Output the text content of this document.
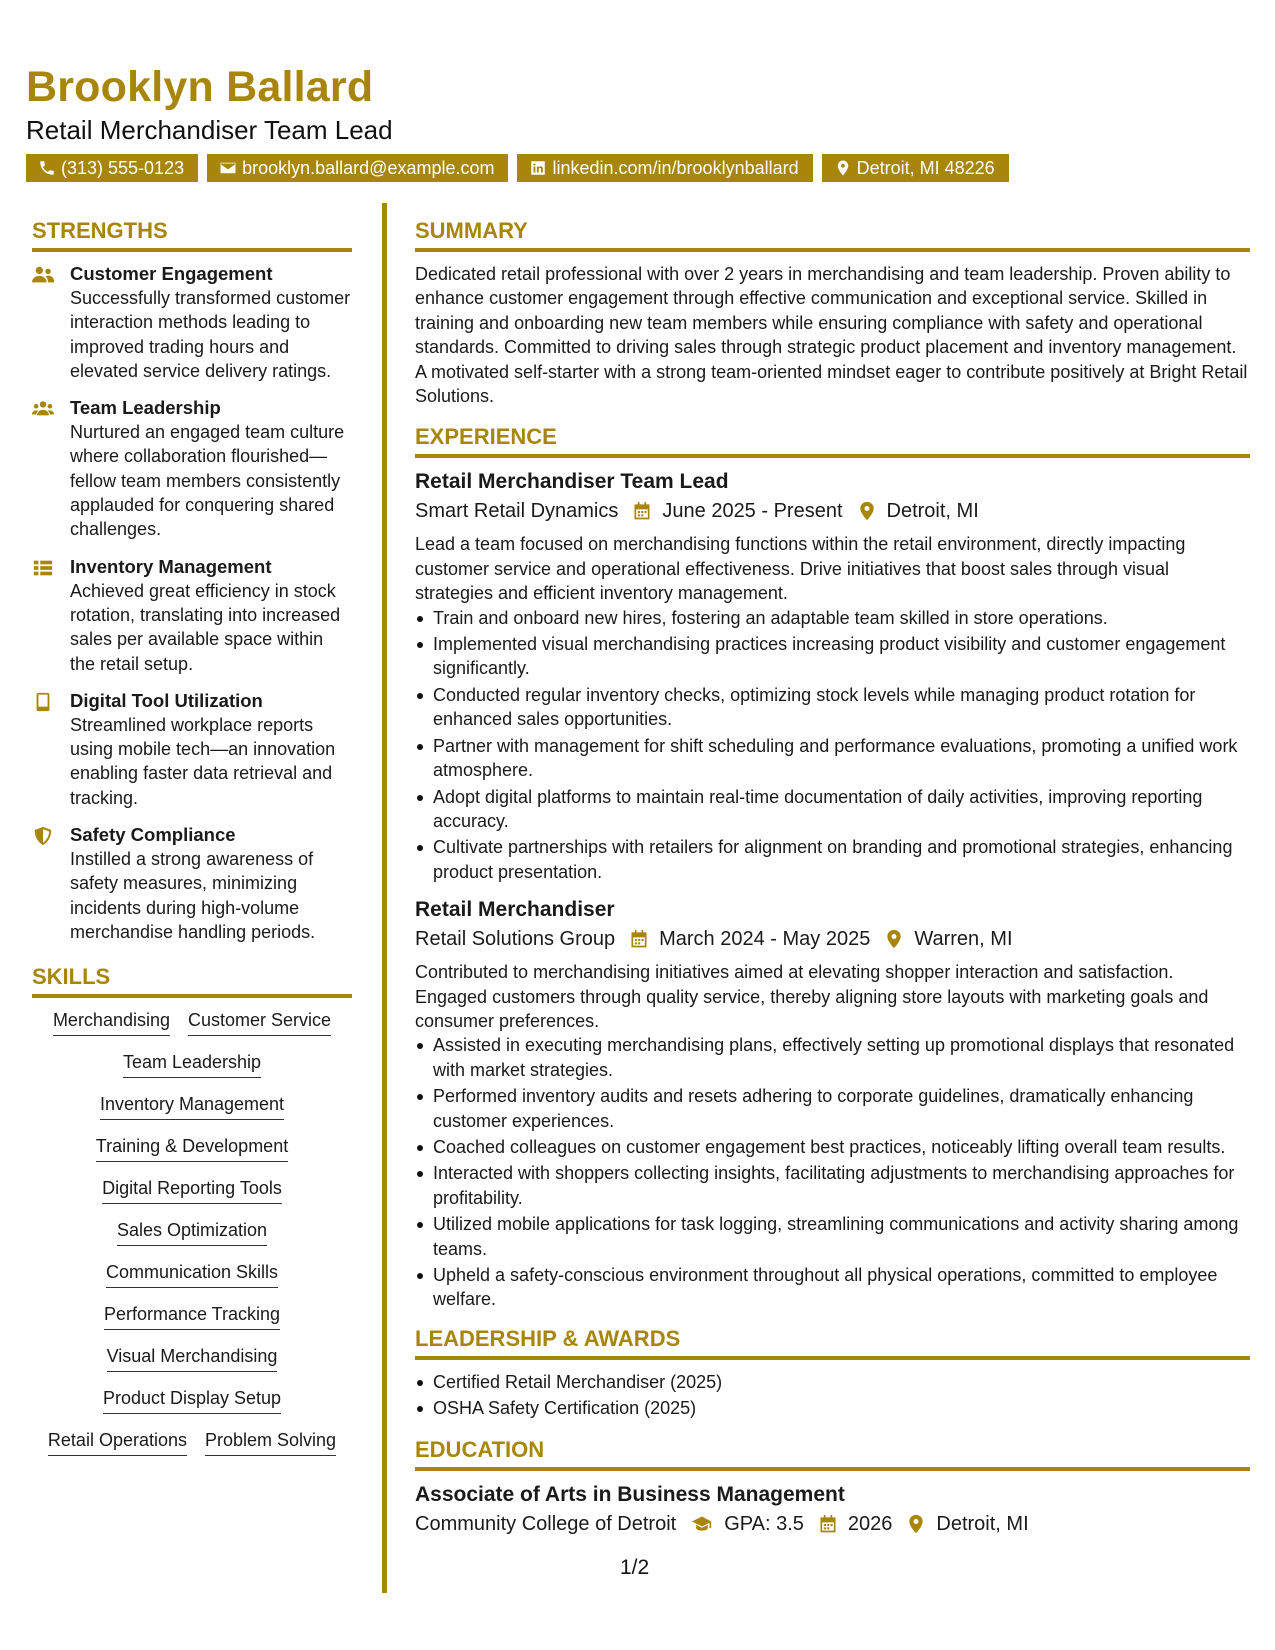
Brooklyn Ballard
Retail Merchandiser Team Lead
(313) 555-0123	brooklyn.ballard@example.com	linkedin.com/in/brooklynballard	Detroit, MI 48226
STRENGTHS
Customer Engagement
Successfully transformed customer interaction methods leading to improved trading hours and elevated service delivery ratings.
Team Leadership
Nurtured an engaged team culture where collaboration flourished—fellow team members consistently applauded for conquering shared challenges.
Inventory Management
Achieved great efficiency in stock rotation, translating into increased sales per available space within the retail setup.
Digital Tool Utilization
Streamlined workplace reports using mobile tech—an innovation enabling faster data retrieval and tracking.
Safety Compliance
Instilled a strong awareness of safety measures, minimizing incidents during high-volume merchandise handling periods.
SKILLS
Merchandising Customer Service
Team Leadership
Inventory Management
Training & Development
Digital Reporting Tools
Sales Optimization
Communication Skills
Performance Tracking
Visual Merchandising
Product Display Setup
Retail Operations Problem Solving
SUMMARY
Dedicated retail professional with over 2 years in merchandising and team leadership. Proven ability to enhance customer engagement through effective communication and exceptional service. Skilled in training and onboarding new team members while ensuring compliance with safety and operational standards. Committed to driving sales through strategic product placement and inventory management. A motivated self-starter with a strong team-oriented mindset eager to contribute positively at Bright Retail Solutions.
EXPERIENCE
Retail Merchandiser Team Lead
Smart Retail Dynamics June 2025 - Present Detroit, MI
Lead a team focused on merchandising functions within the retail environment, directly impacting customer service and operational effectiveness. Drive initiatives that boost sales through visual strategies and efficient inventory management.
Train and onboard new hires, fostering an adaptable team skilled in store operations.
Implemented visual merchandising practices increasing product visibility and customer engagement significantly.
Conducted regular inventory checks, optimizing stock levels while managing product rotation for enhanced sales opportunities.
Partner with management for shift scheduling and performance evaluations, promoting a unified work atmosphere.
Adopt digital platforms to maintain real-time documentation of daily activities, improving reporting accuracy.
Cultivate partnerships with retailers for alignment on branding and promotional strategies, enhancing product presentation.
Retail Merchandiser
Retail Solutions Group March 2024 - May 2025 Warren, MI
Contributed to merchandising initiatives aimed at elevating shopper interaction and satisfaction. Engaged customers through quality service, thereby aligning store layouts with marketing goals and consumer preferences.
Assisted in executing merchandising plans, effectively setting up promotional displays that resonated with market strategies.
Performed inventory audits and resets adhering to corporate guidelines, dramatically enhancing customer experiences.
Coached colleagues on customer engagement best practices, noticeably lifting overall team results.
Interacted with shoppers collecting insights, facilitating adjustments to merchandising approaches for profitability.
Utilized mobile applications for task logging, streamlining communications and activity sharing among teams.
Upheld a safety-conscious environment throughout all physical operations, committed to employee welfare.
LEADERSHIP & AWARDS
Certified Retail Merchandiser (2025)
OSHA Safety Certification (2025)
EDUCATION
Associate of Arts in Business Management
Community College of Detroit GPA: 3.5 2026 Detroit, MI
1/2
